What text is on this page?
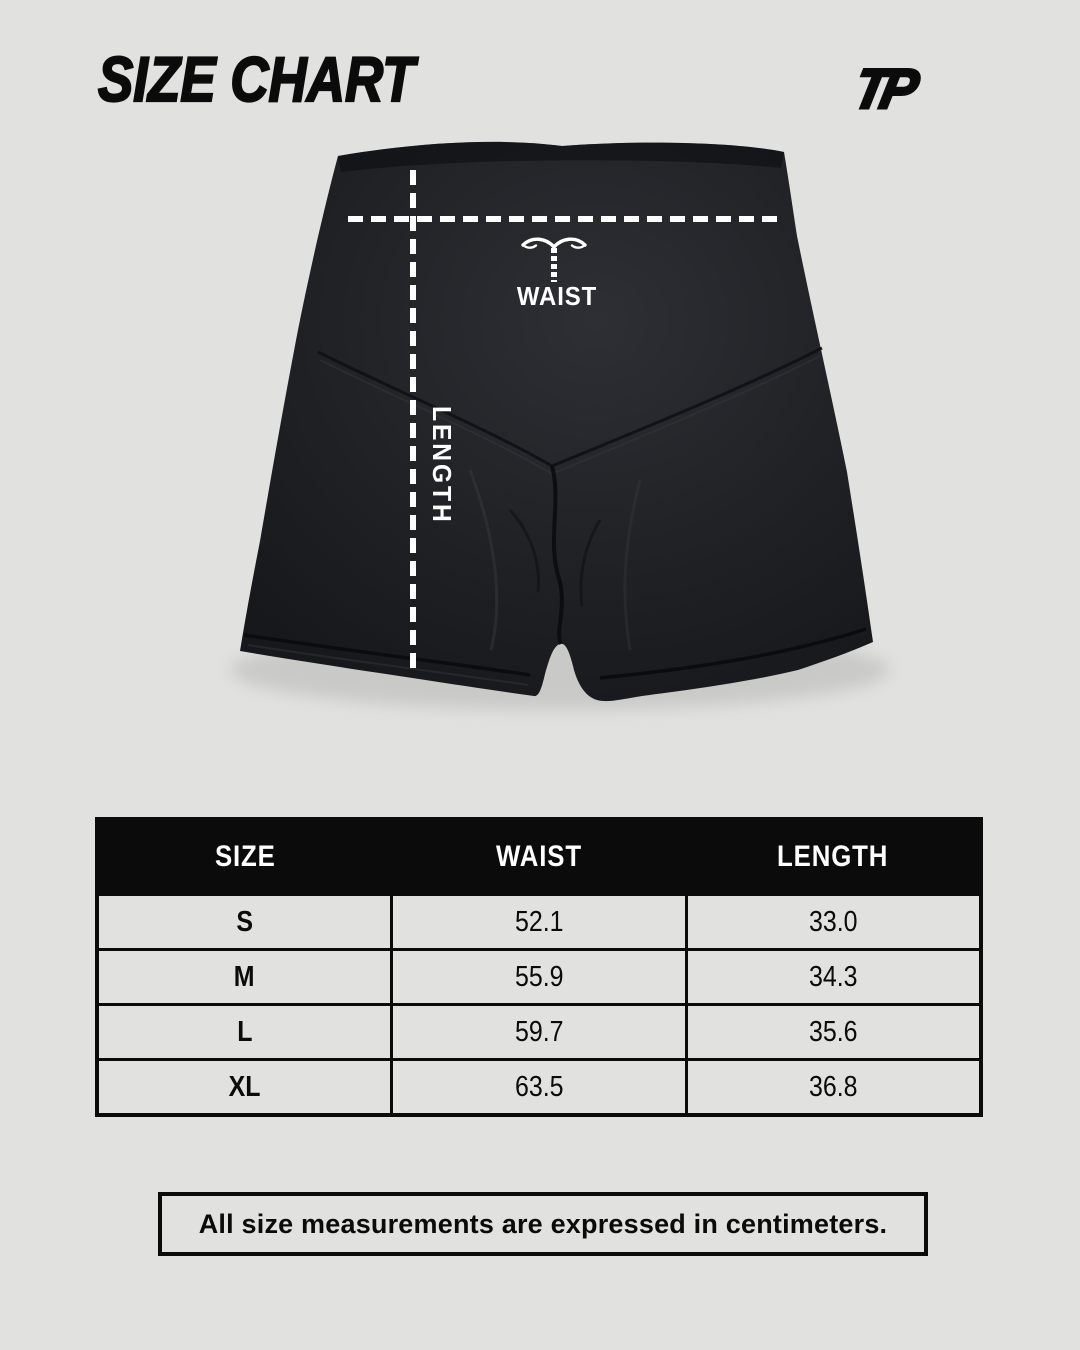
SIZE CHART	TP
WAIST
LENGTH
SIZE	WAIST	LENGTH
S	52.1	33.0
M	55.9	34.3
L	59.7	35.6
XL	63.5	36.8
All size measurements are expressed in centimeters.
